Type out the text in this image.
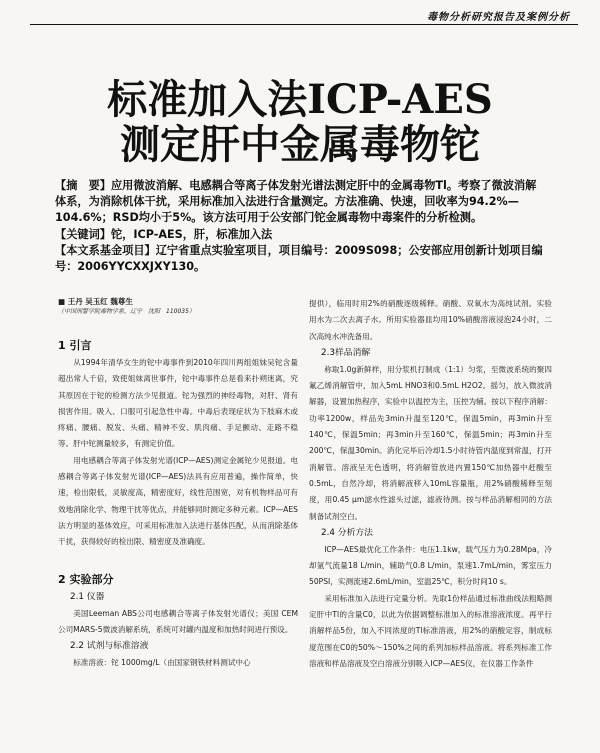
毒物分析研究报告及案例分析
标准加入法ICP-AES
测定肝中金属毒物铊
【摘　要】应用微波消解、电感耦合等离子体发射光谱法测定肝中的金属毒物Tl。考察了微波消解体系，为消除机体干扰，采用标准加入法进行含量测定。方法准确、快速，回收率为94.2%—104.6%；RSD均小于5%。该方法可用于公安部门铊金属毒物中毒案件的分析检测。
【关键词】铊，ICP-AES，肝，标准加入法
【本文系基金项目】辽宁省重点实验室项目，项目编号：2009S098；公安部应用创新计划项目编号：2006YYCXXJXY130。
■ 王丹 吴玉红 魏尊生
（中国刑警学院毒物学系，辽宁　沈阳　110035）
1 引言

从1994年清华女生的铊中毒事件到2010年四川两组姐妹吴铊含量超出常人千倍，致使姐妹离世事件，铊中毒事件总是看来扑朔迷离，究其原因在于铊的检测方法少见报道。铊为强烈的神经毒物，对肝、肾有损害作用。吸入、口服可引起急性中毒。中毒后表现症状为下肢麻木或疼痛、腰痛、脱发、头痛、精神不安、肌肉痛、手足颤动、走路不稳等。肝中铊测量较多，有测定价值。

用电感耦合等离子体发射光谱(ICP—AES)测定金属铊少见报道。电感耦合等离子体发射光谱(ICP—AES)法具有应用普遍，操作简单，快速，检出限低，灵敏度高，精密度好，线性范围宽，对有机物样品可有效地消除化学、物理干扰等优点，并能够同时测定多种元素。ICP—AES法方明显的基体效应，可采用标准加入法进行基体匹配，从而消除基体干扰，获得较好的检出限、精密度及准确度。

2 实验部分
2.1 仪器

美国Leeman ABS公司电感耦合等离子体发射光谱仪；美国 CEM 公司MARS-5微波消解系统，系统可对罐内温度和加热时间进行预设。

2.2 试剂与标准溶液

标准溶液：铊 1000mg/L（由国家钢铁材料测试中心

提供），临用时用2%的硝酸逐级稀释。硝酸、双氧水为高纯试剂。实验用水为二次去离子水。所用实验器皿均用10%硝酸溶液浸泡24小时，二次高纯水冲洗备用。

2.3样品消解

称取1.0g新鲜样，用分浆机打制成（1:1）匀浆，至微波系统的聚四氟乙烯消解管中，加入5mL HNO3和0.5mL H2O2。摇匀，放入微波消解器，设置加热程序，实验中以温控为主，压控为辅。按以下程序消解：功率1200w，样品先3min升温至120℃，保温5min，再3min升至140℃，保温5min；再3min升至160℃，保温5min；再3min升至200℃，保温30min。消化完毕后冷却1.5小时待管内温度到常温，打开消解管。溶液呈无色透明，将消解管放进内置150℃加热器中赶酸至0.5mL，自然冷却，将消解液移入10mL容量瓶，用2%硝酸稀释至刻度，用0.45 μm滤水性滤头过滤，滤液待测。按与样品消解相同的方法制备试剂空白。

2.4 分析方法

ICP—AES最优化工作条件：电压1.1kw，载气压力为0.28Mpa，冷却氩气流量18 L/min，辅助气0.8 L/min，泵速1.7mL/min，雾室压力50PSI，实测流速2.6mL/min，室温25℃，积分时间10 s。

采用标准加入法进行定量分析。先取1份样品通过标准曲线法粗略测定肝中Tl的含量C0，以此为依据调整标准加入的标准溶液浓度。再平行消解样品5份，加入不同浓度的Tl标准溶液，用2%的硝酸定容，制成标度范围在C0的50%～150%之间的系列加标样品溶液。将系列标准工作溶液和样品溶液及空白溶液分别吸入ICP—AES仪，在仪器工作条件
